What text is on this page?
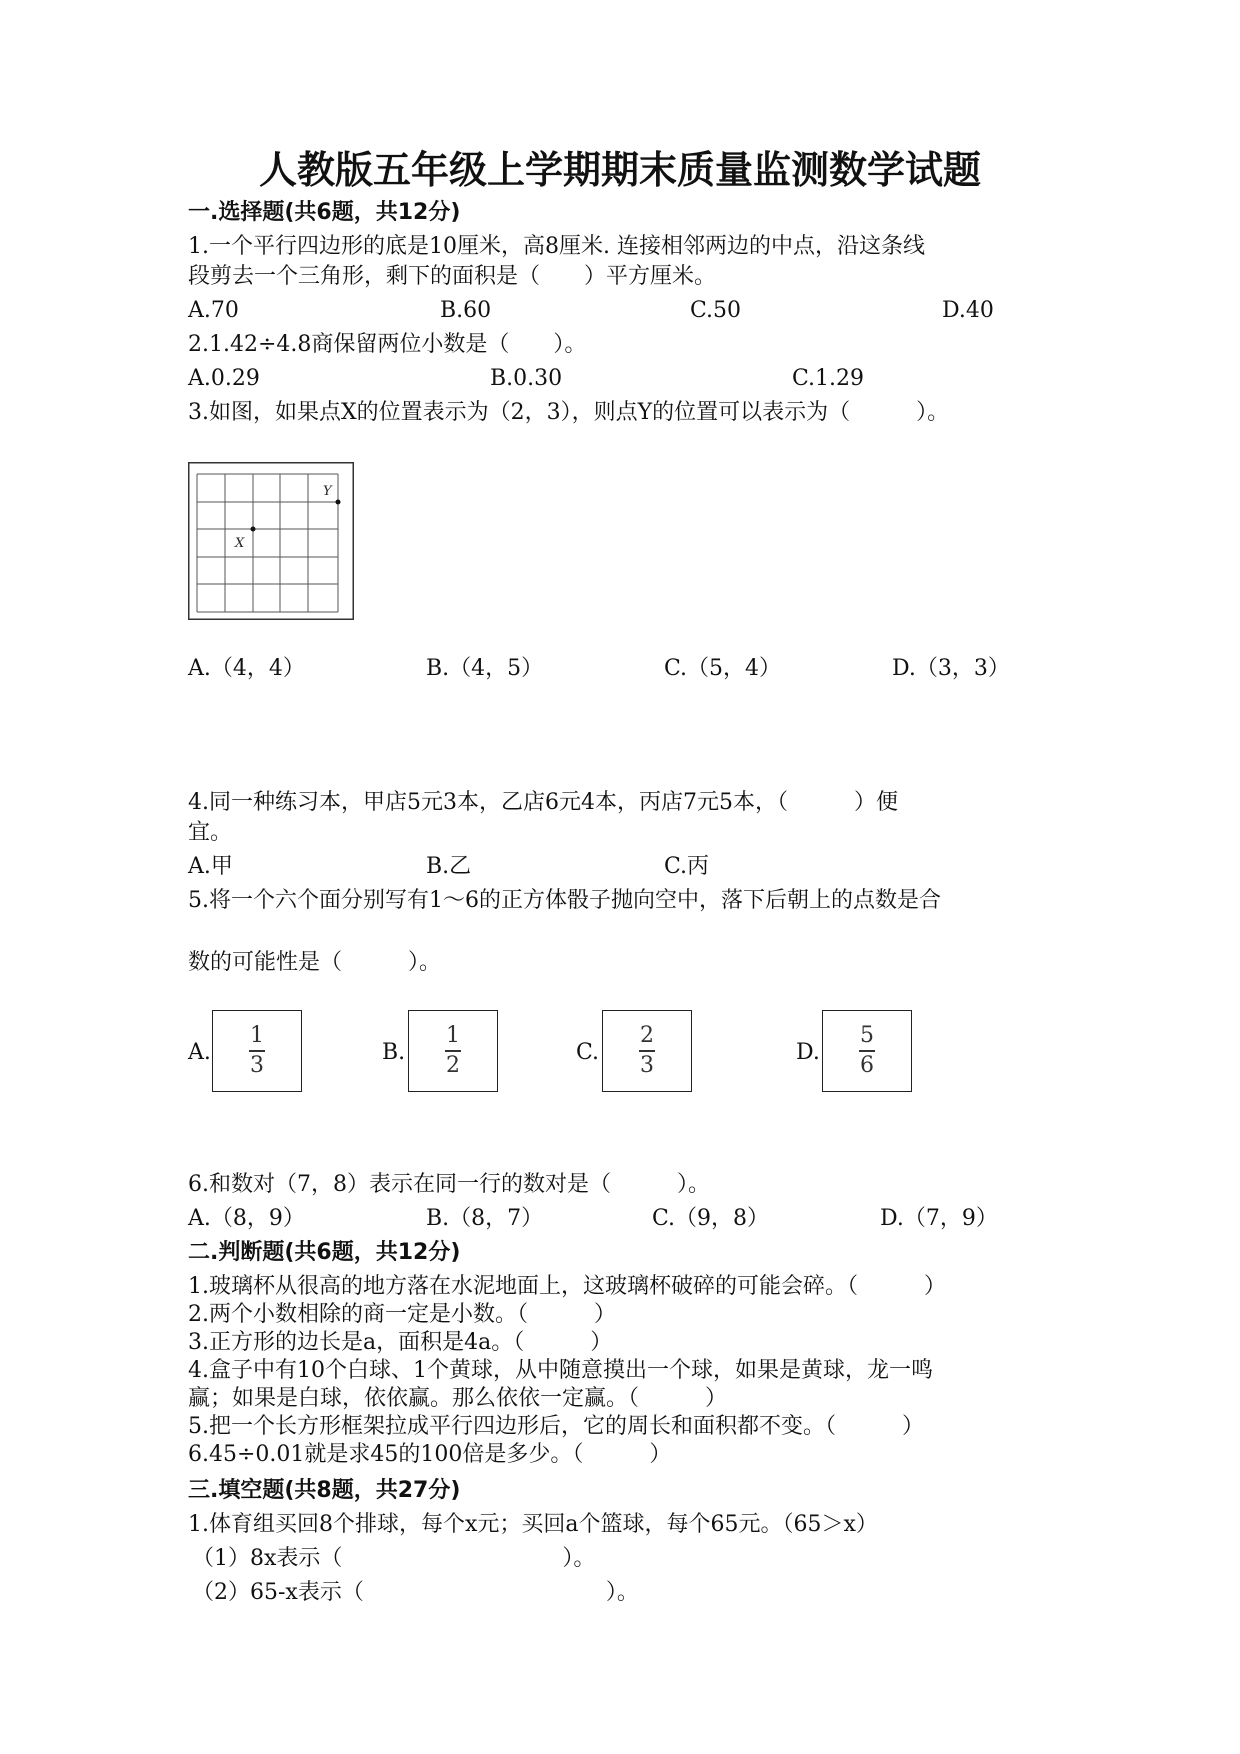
人教版五年级上学期期末质量监测数学试题
一.选择题(共6题，共12分)
1.一个平行四边形的底是10厘米，高8厘米. 连接相邻两边的中点，沿这条线
段剪去一个三角形，剩下的面积是（　　）平方厘米。
A.70	B.60	C.50	D.40
2.1.42÷4.8商保留两位小数是（　　）。
A.0.29	B.0.30	C.1.29
3.如图，如果点X的位置表示为（2，3），则点Y的位置可以表示为（　　　）。
X
Y
A.（4，4）	B.（4，5）	C.（5，4）	D.（3，3）
4.同一种练习本，甲店5元3本，乙店6元4本，丙店7元5本，（　　　）便
宜。
A.甲	B.乙	C.丙
5.将一个六个面分别写有1～6的正方体骰子抛向空中，落下后朝上的点数是合
数的可能性是（　　　）。
A.
1
3	B.
1
2	C.
2
3	D.
5
6
6.和数对（7，8）表示在同一行的数对是（　　　）。
A.（8，9）	B.（8，7）	C.（9，8）	D.（7，9）
二.判断题(共6题，共12分)
1.玻璃杯从很高的地方落在水泥地面上，这玻璃杯破碎的可能会碎。（　　　）
2.两个小数相除的商一定是小数。（　　　）
3.正方形的边长是a，面积是4a。（　　　）
4.盒子中有10个白球、1个黄球，从中随意摸出一个球，如果是黄球，龙一鸣
赢；如果是白球，依依赢。那么依依一定赢。（　　　）
5.把一个长方形框架拉成平行四边形后，它的周长和面积都不变。（　　　）
6.45÷0.01就是求45的100倍是多少。（　　　）
三.填空题(共8题，共27分)
1.体育组买回8个排球，每个x元；买回a个篮球，每个65元。（65＞x）
（1）8x表示（　　　　　　　　　　）。
（2）65-x表示（　　　　　　　　　　　）。
